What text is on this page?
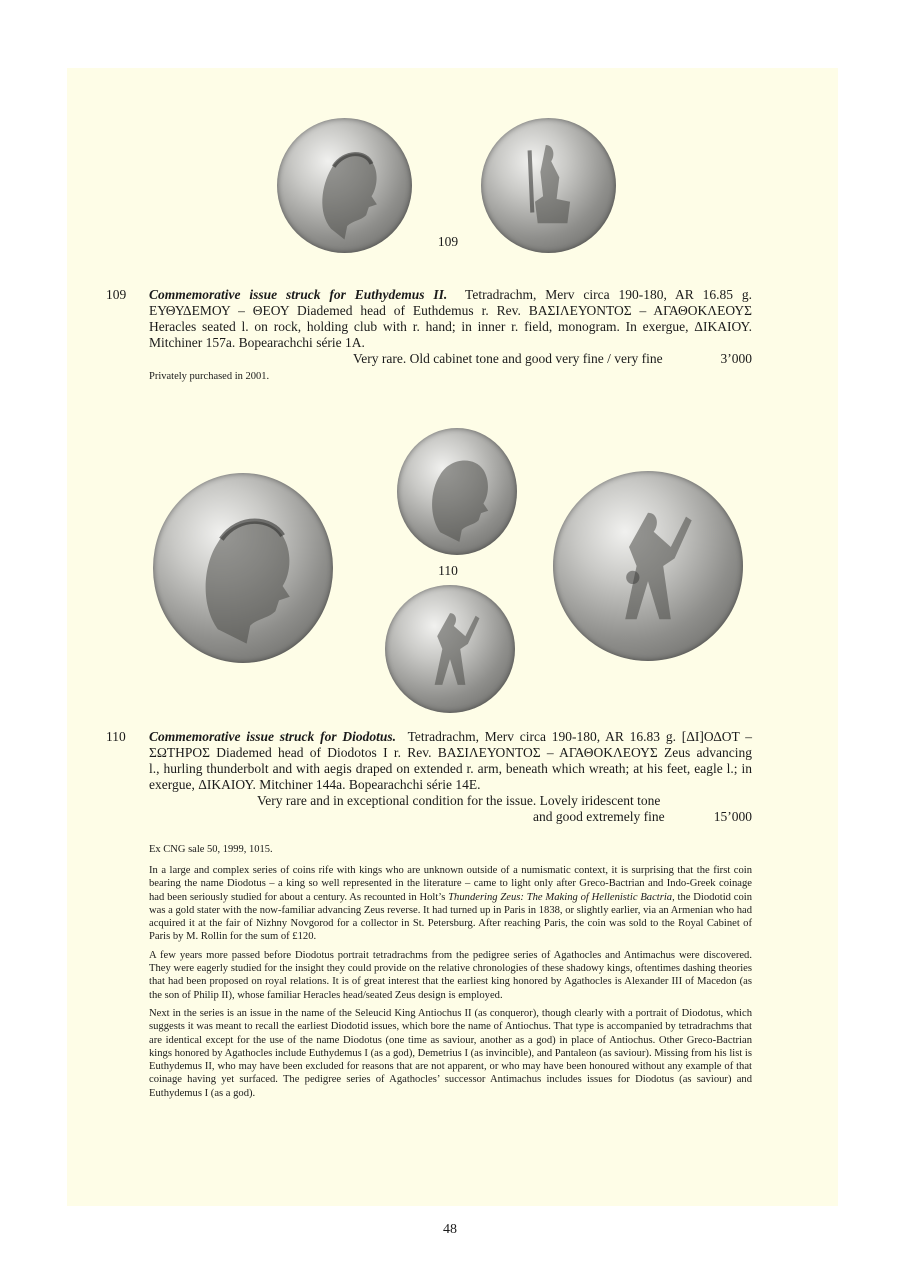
109
109 Commemorative issue struck for Euthydemus II. Tetradrachm, Merv circa 190-180, AR 16.85 g.
ΕΥΘΥΔΕΜΟΥ – ΘΕΟΥ Diademed head of Euthdemus r. Rev. ΒΑΣΙΛΕΥΟΝΤΟΣ – ΑΓΑΘΟΚΛΕΟΥΣ
Heracles seated l. on rock, holding club with r. hand; in inner r. field, monogram. In exergue, ΔΙΚΑΙΟΥ.
Mitchiner 157a. Bopearachchi série 1A.
Very rare. Old cabinet tone and good very fine / very fine	3’000
Privately purchased in 2001.
110
110 Commemorative issue struck for Diodotus. Tetradrachm, Merv circa 190-180, AR 16.83 g. [ΔΙ]ΟΔΟΤ –
ΣΩΤΗΡΟΣ Diademed head of Diodotos I r. Rev. ΒΑΣΙΛΕΥΟΝΤΟΣ – ΑΓΑΘΟΚΛΕΟΥΣ Zeus advancing
l., hurling thunderbolt and with aegis draped on extended r. arm, beneath which wreath; at his feet, eagle l.; in
exergue, ΔΙΚΑΙΟΥ. Mitchiner 144a. Bopearachchi série 14E.
Very rare and in exceptional condition for the issue. Lovely iridescent tone
and good extremely fine	15’000
Ex CNG sale 50, 1999, 1015.

In a large and complex series of coins rife with kings who are unknown outside of a numismatic context, it is surprising that the first coin bearing the name Diodotus – a king so well represented in the literature – came to light only after Greco-Bactrian and Indo-Greek coinage had been seriously studied for about a century. As recounted in Holt’s Thundering Zeus: The Making of Hellenistic Bactria, the Diodotid coin was a gold stater with the now-familiar advancing Zeus reverse. It had turned up in Paris in 1838, or slightly earlier, via an Armenian who had acquired it at the fair of Nizhny Novgorod for a collector in St. Petersburg. After reaching Paris, the coin was sold to the Royal Cabinet of Paris by M. Rollin for the sum of £120.

A few years more passed before Diodotus portrait tetradrachms from the pedigree series of Agathocles and Antimachus were discovered. They were eagerly studied for the insight they could provide on the relative chronologies of these shadowy kings, oftentimes dashing theories that had been proposed on royal relations. It is of great interest that the earliest king honored by Agathocles is Alexander III of Macedon (as the son of Philip II), whose familiar Heracles head/seated Zeus design is employed.

Next in the series is an issue in the name of the Seleucid King Antiochus II (as conqueror), though clearly with a portrait of Diodotus, which suggests it was meant to recall the earliest Diodotid issues, which bore the name of Antiochus. That type is accompanied by tetradrachms that are identical except for the use of the name Diodotus (one time as saviour, another as a god) in place of Antiochus. Other Greco-Bactrian kings honored by Agathocles include Euthydemus I (as a god), Demetrius I (as invincible), and Pantaleon (as saviour). Missing from his list is Euthydemus II, who may have been excluded for reasons that are not apparent, or who may have been honoured without any example of that coinage having yet surfaced. The pedigree series of Agathocles’ successor Antimachus includes issues for Diodotus (as saviour) and Euthydemus I (as a god).

48
